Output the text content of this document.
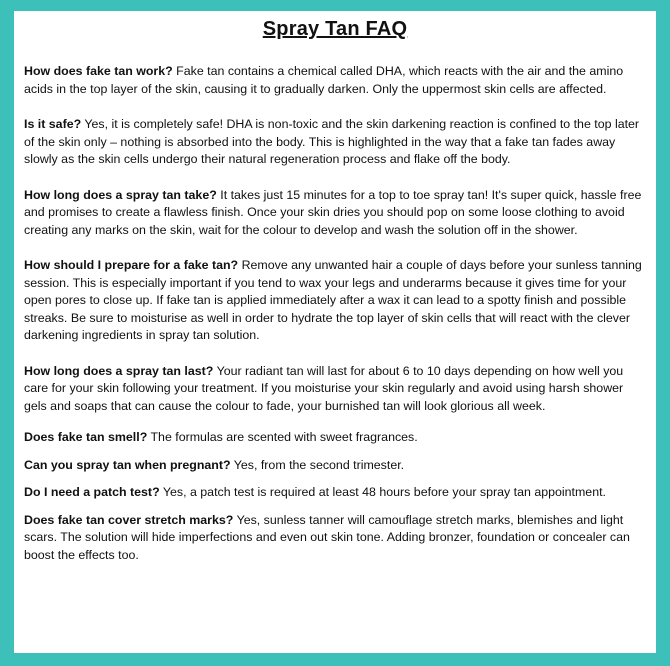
Spray Tan FAQ
How does fake tan work? Fake tan contains a chemical called DHA, which reacts with the air and the amino acids in the top layer of the skin, causing it to gradually darken. Only the uppermost skin cells are affected.
Is it safe? Yes, it is completely safe! DHA is non-toxic and the skin darkening reaction is confined to the top later of the skin only – nothing is absorbed into the body. This is highlighted in the way that a fake tan fades away slowly as the skin cells undergo their natural regeneration process and flake off the body.
How long does a spray tan take? It takes just 15 minutes for a top to toe spray tan! It's super quick, hassle free and promises to create a flawless finish. Once your skin dries you should pop on some loose clothing to avoid creating any marks on the skin, wait for the colour to develop and wash the solution off in the shower.
How should I prepare for a fake tan? Remove any unwanted hair a couple of days before your sunless tanning session. This is especially important if you tend to wax your legs and underarms because it gives time for your open pores to close up. If fake tan is applied immediately after a wax it can lead to a spotty finish and possible streaks. Be sure to moisturise as well in order to hydrate the top layer of skin cells that will react with the clever darkening ingredients in spray tan solution.
How long does a spray tan last? Your radiant tan will last for about 6 to 10 days depending on how well you care for your skin following your treatment. If you moisturise your skin regularly and avoid using harsh shower gels and soaps that can cause the colour to fade, your burnished tan will look glorious all week.
Does fake tan smell? The formulas are scented with sweet fragrances.
Can you spray tan when pregnant? Yes, from the second trimester.
Do I need a patch test? Yes, a patch test is required at least 48 hours before your spray tan appointment.
Does fake tan cover stretch marks? Yes, sunless tanner will camouflage stretch marks, blemishes and light scars. The solution will hide imperfections and even out skin tone. Adding bronzer, foundation or concealer can boost the effects too.
